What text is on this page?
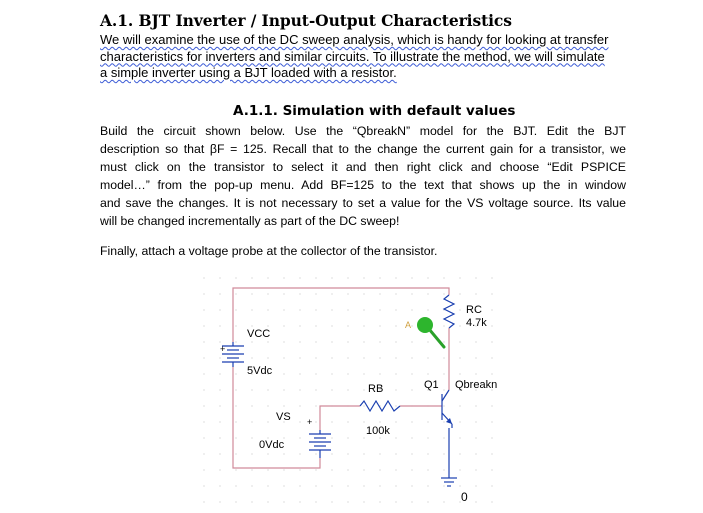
A.1. BJT Inverter / Input-Output Characteristics
We will examine the use of the DC sweep analysis, which is handy for looking at transfer
characteristics for inverters and similar circuits. To illustrate the method, we will simulate
a simple inverter using a BJT loaded with a resistor.
A.1.1. Simulation with default values
Build the circuit shown below. Use the “QbreakN” model for the BJT. Edit the BJT
description so that βF = 125. Recall that to the change the current gain for a transistor, we
must click on the transistor to select it and then right click and choose “Edit PSPICE
model…” from the pop-up menu. Add BF=125 to the text that shows up the in window
and save the changes. It is not necessary to set a value for the VS voltage source. Its value
will be changed incrementally as part of the DC sweep!
Finally, attach a voltage probe at the collector of the transistor.
+
VCC
5Vdc
+
VS
0Vdc
RB
100k
RC
4.7k
Q1 Qbreakn
0
A
